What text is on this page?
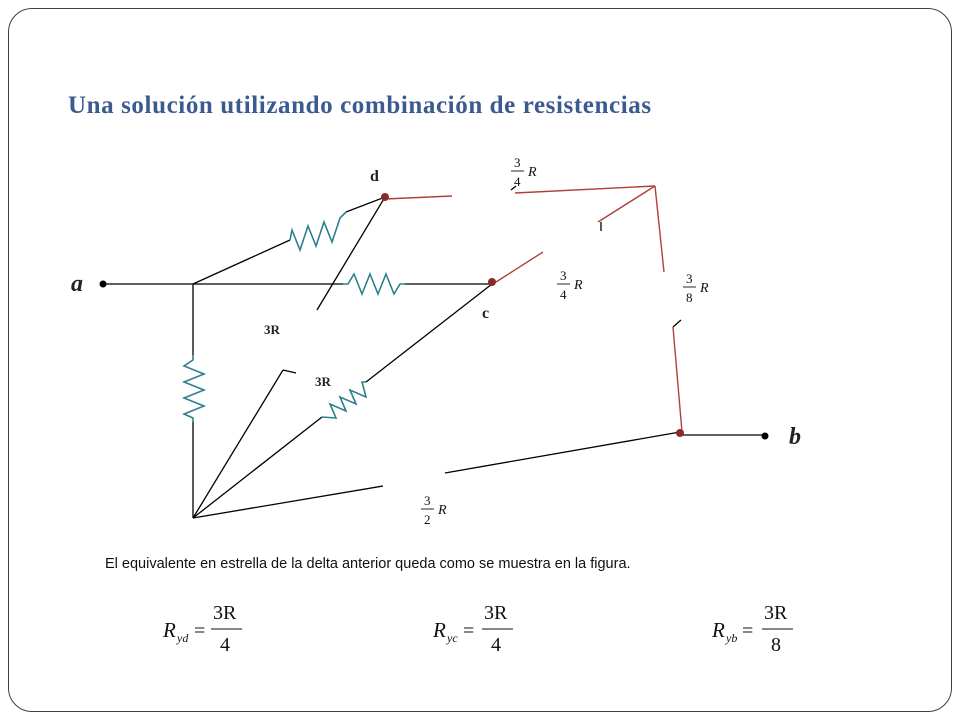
Una solución utilizando combinación de resistencias
a
b
d
c
3R
3R
3
4
R
3
4
R	3
8
R
3
2
R
R yd =
3R
4
R yc =
3R
4
R yb =
3R
8

El equivalente en estrella de la delta anterior queda como se muestra en la figura.
